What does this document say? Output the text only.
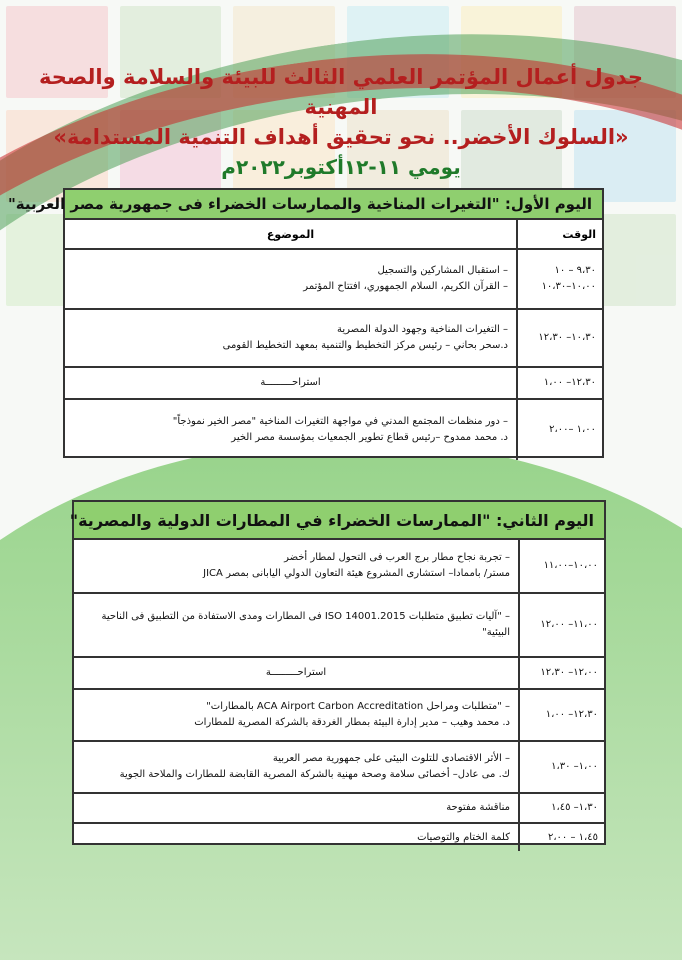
جدول أعمال المؤتمر العلمي الثالث للبيئة والسلامة والصحة المهنية
«السلوك الأخضر.. نحو تحقيق أهداف التنمية المستدامة»
يومي ١١-١٢أكتوبر٢٠٢٢م
اليوم الأول: "التغيرات المناخية والممارسات الخضراء فى جمهورية مصر العربية"
الوقت
الموضوع
٩،٣٠ – ١٠
١٠،٠٠–١٠،٣٠
– استقبال المشاركين والتسجيل
– القرآن الكريم، السلام الجمهوري، افتتاح المؤتمر
١٠،٣٠– ١٢،٣٠
– التغيرات المناخية وجهود الدولة المصرية
د.سحر بحاني – رئيس مركز التخطيط والتنمية بمعهد التخطيط القومى
١٢،٣٠– ١،٠٠
استراحـــــــــة
١،٠٠ –٢،٠٠
– دور منظمات المجتمع المدني في مواجهة التغيرات المناخية "مصر الخير نموذجاً"
د. محمد ممدوح –رئيس قطاع تطوير الجمعيات بمؤسسة مصر الخير
اليوم الثاني: "الممارسات الخضراء في المطارات الدولية والمصرية"
١٠،٠٠–١١،٠٠
– تجربة نجاح مطار برج العرب فى التحول لمطار أخضر
مستر/ باممادا– استشارى المشروع هيئة التعاون الدولي اليابانى بمصر JICA
١١،٠٠– ١٢،٠٠
– "آليات تطبيق متطلبات ISO 14001.2015 فى المطارات ومدى الاستفادة من التطبيق فى الناحية البيئية"
١٢،٠٠– ١٢،٣٠
استراحـــــــــة
١٢،٣٠– ١،٠٠
– "متطلبات ومراحل ACA Airport Carbon Accreditation بالمطارات"
د. محمد وهيب – مدير إدارة البيئة بمطار الغردقة بالشركة المصرية للمطارات
١،٠٠– ١،٣٠
– الأثر الاقتصادى للتلوث البيئى على جمهورية مصر العربية
ك. مى عادل– أخصائى سلامة وصحة مهنية بالشركة المصرية القابضة للمطارات والملاحة الجوية
١،٣٠– ١،٤٥
مناقشة مفتوحة
١،٤٥ – ٢،٠٠
كلمة الختام والتوصيات
